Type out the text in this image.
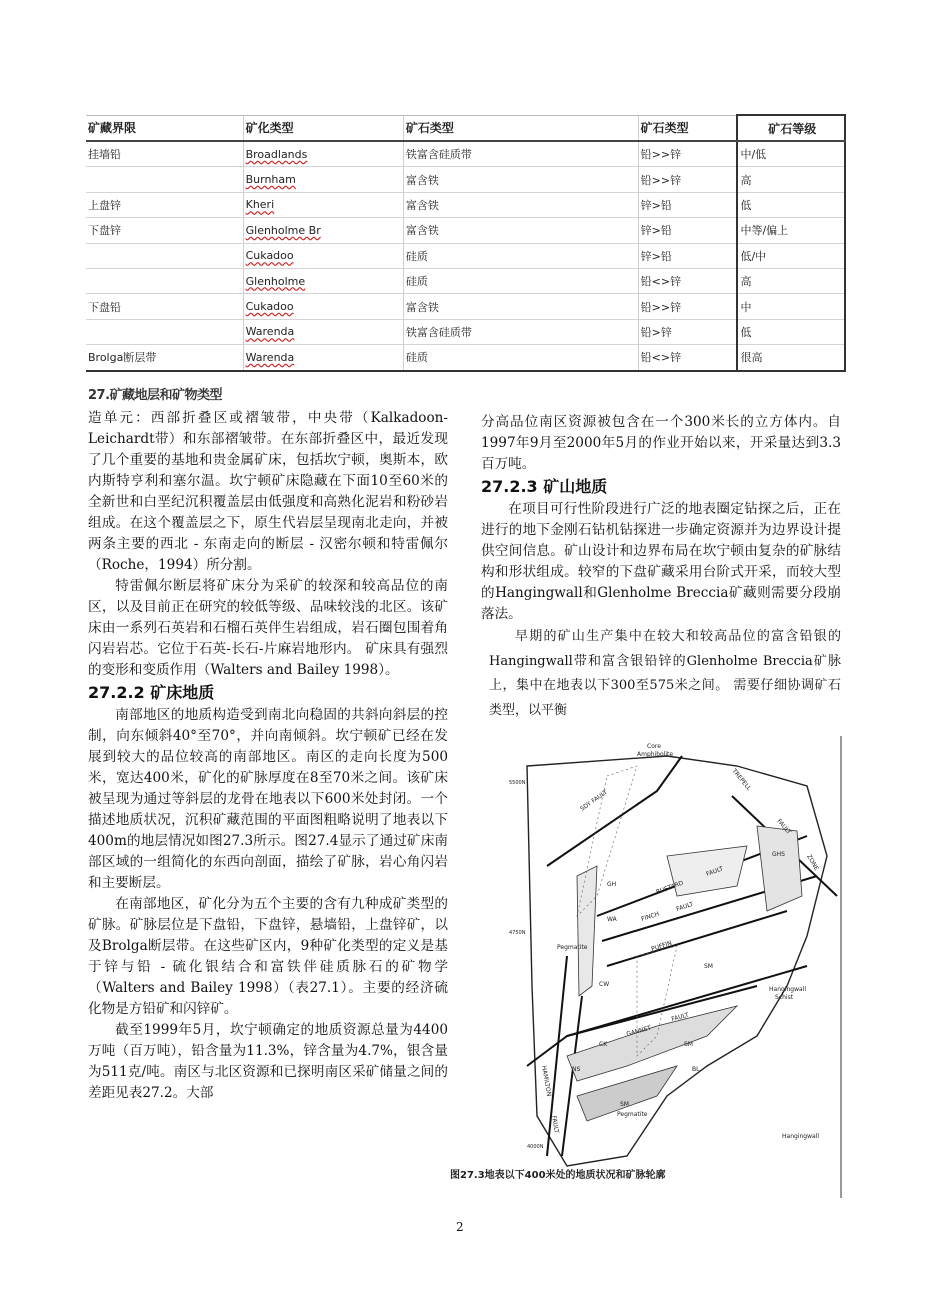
矿藏界限	矿化类型	矿石类型	矿石类型	矿石等级
挂墙铅	Broadlands	铁富含硅质带	铅>>锌	中/低
	Burnham	富含铁	铅>>锌	高
上盘锌	Kheri	富含铁	锌>铅	低
下盘锌	Glenholme Br	富含铁	锌>铅	中等/偏上
	Cukadoo	硅质	锌>铅	低/中
	Glenholme	硅质	铅<>锌	高
下盘铅	Cukadoo	富含铁	铅>>锌	中
	Warenda	铁富含硅质带	铅>锌	低
Brolga断层带	Warenda	硅质	铅<>锌	很高
27.矿藏地层和矿物类型

造单元：西部折叠区或褶皱带，中央带（Kalkadoon-Leichardt带）和东部褶皱带。在东部折叠区中，最近发现了几个重要的基地和贵金属矿床，包括坎宁顿，奥斯本，欧内斯特亨利和塞尔温。坎宁顿矿床隐藏在下面10至60米的全新世和白垩纪沉积覆盖层由低强度和高熟化泥岩和粉砂岩组成。在这个覆盖层之下，原生代岩层呈现南北走向，并被两条主要的西北 - 东南走向的断层 - 汉密尔顿和特雷佩尔（Roche，1994）所分割。

特雷佩尔断层将矿床分为采矿的较深和较高品位的南区，以及目前正在研究的较低等级、品味较浅的北区。该矿床由一系列石英岩和石榴石英伴生岩组成，岩石圈包围着角闪岩岩芯。它位于石英-长石-片麻岩地形内。 矿床具有强烈的变形和变质作用（Walters and Bailey 1998）。

27.2.2 矿床地质

南部地区的地质构造受到南北向稳固的共斜向斜层的控制，向东倾斜40°至70°，并向南倾斜。坎宁顿矿已经在发展到较大的品位较高的南部地区。南区的走向长度为500米，宽达400米，矿化的矿脉厚度在8至70米之间。该矿床被呈现为通过等斜层的龙骨在地表以下600米处封闭。一个描述地质状况，沉积矿藏范围的平面图粗略说明了地表以下400m的地层情况如图27.3所示。图27.4显示了通过矿床南部区域的一组简化的东西向剖面，描绘了矿脉，岩心角闪岩和主要断层。

在南部地区，矿化分为五个主要的含有九种成矿类型的矿脉。矿脉层位是下盘铅，下盘锌，悬墙铅，上盘锌矿，以及Brolga断层带。在这些矿区内，9种矿化类型的定义是基于锌与铅 - 硫化银结合和富铁伴硅质脉石的矿物学（Walters and Bailey 1998）（表27.1）。主要的经济硫化物是方铅矿和闪锌矿。

截至1999年5月，坎宁顿确定的地质资源总量为4400万吨（百万吨），铅含量为11.3%，锌含量为4.7%，银含量为511克/吨。南区与北区资源和已探明南区采矿储量之间的差距见表27.2。大部

分高品位南区资源被包含在一个300米长的立方体内。自1997年9月至2000年5月的作业开始以来，开采量达到3.3百万吨。

27.2.3 矿山地质

在项目可行性阶段进行广泛的地表圈定钻探之后，正在进行的地下金刚石钻机钻探进一步确定资源并为边界设计提供空间信息。矿山设计和边界布局在坎宁顿由复杂的矿脉结构和形状组成。较窄的下盘矿藏采用台阶式开采，而较大型的Hangingwall和Glenholme Breccia矿藏则需要分段崩落法。

早期的矿山生产集中在较大和较高品位的富含铅银的Hangingwall带和富含银铅锌的Glenholme Breccia矿脉上，集中在地表以下300至575米之间。 需要仔细协调矿石类型，以平衡

Core
Amphibolite
TREPELL
FAULT
ZONE
SDY FAULT
BUSTARD
FAULT
FINCH
FAULT
PUFFIN
GANNET
FAULT
HAMILTON
FAULT
Pegmatite
Pegmatite
Hangingwall
Schist
Hangingwall
GH
WA
CW
CK
NS
SM
SM
SM
BL
GHS
5500N
4750N
4000N
图27.3地表以下400米处的地质状况和矿脉轮廓
2
